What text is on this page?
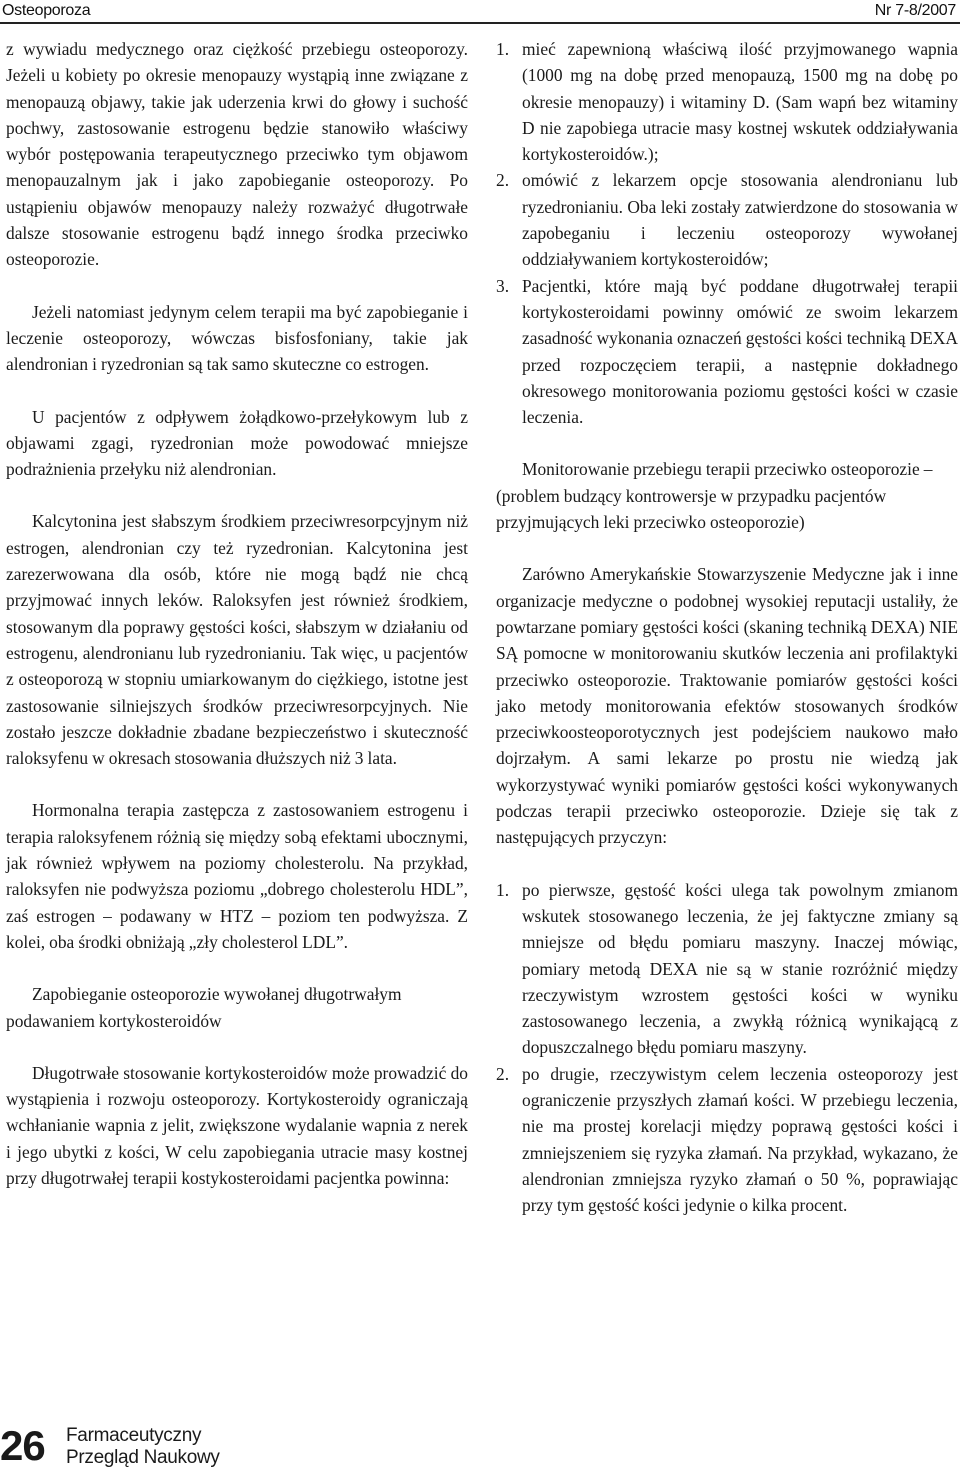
Osteoporoza	Nr 7-8/2007

z wywiadu medycznego oraz ciężkość przebiegu osteoporozy. Jeżeli u kobiety po okresie menopauzy wystąpią inne związane z menopauzą objawy, takie jak uderzenia krwi do głowy i suchość pochwy, zastosowanie estrogenu będzie stanowiło właściwy wybór postępowania terapeutycznego przeciwko tym objawom menopauzalnym jak i jako zapobieganie osteoporozy. Po ustąpieniu objawów menopauzy należy rozważyć długotrwałe dalsze stosowanie estrogenu bądź innego środka przeciwko osteoporozie.

Jeżeli natomiast jedynym celem terapii ma być zapobieganie i leczenie osteoporozy, wówczas bisfosfoniany, takie jak alendronian i ryzedronian są tak samo skuteczne co estrogen.

U pacjentów z odpływem żołądkowo-przełykowym lub z objawami zgagi, ryzedronian może powodować mniejsze podrażnienia przełyku niż alendronian.

Kalcytonina jest słabszym środkiem przeciwresorpcyjnym niż estrogen, alendronian czy też ryzedronian. Kalcytonina jest zarezerwowana dla osób, które nie mogą bądź nie chcą przyjmować innych leków. Raloksyfen jest również środkiem, stosowanym dla poprawy gęstości kości, słabszym w działaniu od estrogenu, alendronianu lub ryzedronianiu. Tak więc, u pacjentów z osteoporozą w stopniu umiarkowanym do ciężkiego, istotne jest zastosowanie silniejszych środków przeciwresorpcyjnych. Nie zostało jeszcze dokładnie zbadane bezpieczeństwo i skuteczność raloksyfenu w okresach stosowania dłuższych niż 3 lata.

Hormonalna terapia zastępcza z zastosowaniem estrogenu i terapia raloksyfenem różnią się między sobą efektami ubocznymi, jak również wpływem na poziomy cholesterolu. Na przykład, raloksyfen nie podwyższa poziomu „dobrego cholesterolu HDL”, zaś estrogen – podawany w HTZ – poziom ten podwyższa. Z kolei, oba środki obniżają „zły cholesterol LDL”.

Zapobieganie osteoporozie wywołanej długotrwałym podawaniem kortykosteroidów

Długotrwałe stosowanie kortykosteroidów może prowadzić do wystąpienia i rozwoju osteoporozy. Kortykosteroidy ograniczają wchłanianie wapnia z jelit, zwiększone wydalanie wapnia z nerek i jego ubytki z kości, W celu zapobiegania utracie masy kostnej przy długotrwałej terapii kostykosteroidami pacjentka powinna:

1. mieć zapewnioną właściwą ilość przyjmowanego wapnia (1000 mg na dobę przed menopauzą, 1500 mg na dobę po okresie menopauzy) i witaminy D. (Sam wapń bez witaminy D nie zapobiega utracie masy kostnej wskutek oddziaływania kortykosteroidów.);
2. omówić z lekarzem opcje stosowania alendronianu lub ryzedronianiu. Oba leki zostały zatwierdzone do stosowania w zapobeganiu i leczeniu osteoporozy wywołanej oddziaływaniem kortykosteroidów;
3. Pacjentki, które mają być poddane długotrwałej terapii kortykosteroidami powinny omówić ze swoim lekarzem zasadność wykonania oznaczeń gęstości kości techniką DEXA przed rozpoczęciem terapii, a następnie dokładnego okresowego monitorowania poziomu gęstości kości w czasie leczenia.

Monitorowanie przebiegu terapii przeciwko osteoporozie – (problem budzący kontrowersje w przypadku pacjentów przyjmujących leki przeciwko osteoporozie)

Zarówno Amerykańskie Stowarzyszenie Medyczne jak i inne organizacje medyczne o podobnej wysokiej reputacji ustaliły, że powtarzane pomiary gęstości kości (skaning techniką DEXA) NIE SĄ pomocne w monitorowaniu skutków leczenia ani profilaktyki przeciwko osteoporozie. Traktowanie pomiarów gęstości kości jako metody monitorowania efektów stosowanych środków przeciwkoosteoporotycznych jest podejściem naukowo mało dojrzałym. A sami lekarze po prostu nie wiedzą jak wykorzystywać wyniki pomiarów gęstości kości wykonywanych podczas terapii przeciwko osteoporozie. Dzieje się tak z następujących przyczyn:

1. po pierwsze, gęstość kości ulega tak powolnym zmianom wskutek stosowanego leczenia, że jej faktyczne zmiany są mniejsze od błędu pomiaru maszyny. Inaczej mówiąc, pomiary metodą DEXA nie są w stanie rozróżnić między rzeczywistym wzrostem gęstości kości w wyniku zastosowanego leczenia, a zwykłą różnicą wynikającą z dopuszczalnego błędu pomiaru maszyny.
2. po drugie, rzeczywistym celem leczenia osteoporozy jest ograniczenie przyszłych złamań kości. W przebiegu leczenia, nie ma prostej korelacji między poprawą gęstości kości i zmniejszeniem się ryzyka złamań. Na przykład, wykazano, że alendronian zmniejsza ryzyko złamań o 50 %, poprawiając przy tym gęstość kości jedynie o kilka procent.
26 Farmaceutyczny
Przegląd Naukowy
